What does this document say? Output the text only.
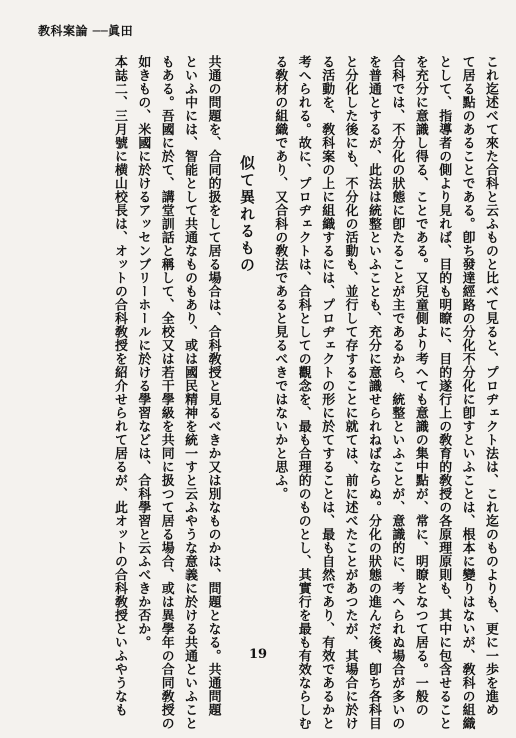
教科案論 ──眞田
これ迄述べて來た合科と云ふものと比べて見ると、プロヂェクト法は、これ迄のものよりも、更に一歩を進め
て居る點のあることである。卽ち發達經路の分化不分化に卽すといふことは、根本に變りはないが、敎科の組織
として、指導者の側より見れば、目的も明瞭に、目的遂行上の敎育的敎授の各原理原則も、其中に包含せること
を充分に意識し得る、ことである。又兒童側より考へても意識の集中點が、常に、明瞭となつて居る。一般の
合科では、不分化の狀態に卽たることが主であるから、統整といふことが、意識的に、考へられぬ場合が多いの
を普通とするが、此法は統整といふことも、充分に意識せられねばならぬ。分化の狀態の進んだ後、卽ち各科目
と分化した後にも、不分化の活動も、並行して存することに就ては、前に述べたことがあつたが、其場合に於け
る活動を、敎科案の上に組織するには、プロヂェクトの形に於てすることは、最も自然であり、有效であるかと
考へられる。故に、プロヂェクトは、合科としての觀念を、最も合理的のものとし、其實行を最も有效ならしむ
る敎材の組織であり、又合科の敎法であると見るべきではないかと思ふ。
似て異れるもの
共通の問題を、合同的扱をして居る場合は、合科敎授と見るべきか又は別なものかは、問題となる。共通問題
といふ中には、智能として共通なものもあり、或は國民精神を統一すと云ふやうな意義に於ける共通といふこと
もある。吾國に於て、講堂訓話と稱して、全校又は若干學級を共同に扱つて居る場合、或は異學年の合同敎授の
如きもの、米國に於けるアッセンブリーホールに於ける學習などは、合科學習と云ふべきか否か。
本誌二、三月號に横山校長は、オットの合科敎授を紹介せられて居るが、此オットの合科敎授といふやうなも	19
